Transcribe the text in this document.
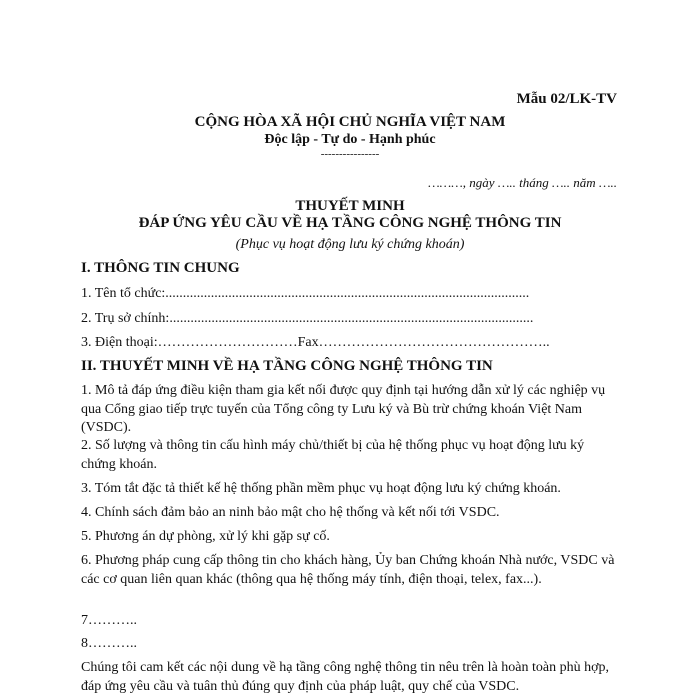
Mẫu 02/LK-TV
CỘNG HÒA XÃ HỘI CHỦ NGHĨA VIỆT NAM
Độc lập - Tự do - Hạnh phúc
----------------
………, ngày ….. tháng ….. năm …..
THUYẾT MINH
ĐÁP ỨNG YÊU CẦU VỀ HẠ TẦNG CÔNG NGHỆ THÔNG TIN
(Phục vụ hoạt động lưu ký chứng khoán)
I. THÔNG TIN CHUNG
1. Tên tổ chức:........................................................................................................
2. Trụ sở chính:........................................................................................................
3. Điện thoại:…………………………Fax…………………………………………..
II. THUYẾT MINH VỀ HẠ TẦNG CÔNG NGHỆ THÔNG TIN
1. Mô tả đáp ứng điều kiện tham gia kết nối được quy định tại hướng dẫn xử lý các nghiệp vụ qua Cổng giao tiếp trực tuyến của Tổng công ty Lưu ký và Bù trừ chứng khoán Việt Nam (VSDC).
2. Số lượng và thông tin cấu hình máy chủ/thiết bị của hệ thống phục vụ hoạt động lưu ký chứng khoán.
3. Tóm tắt đặc tả thiết kế hệ thống phần mềm phục vụ hoạt động lưu ký chứng khoán.
4. Chính sách đảm bảo an ninh bảo mật cho hệ thống và kết nối tới VSDC.
5. Phương án dự phòng, xử lý khi gặp sự cố.
6. Phương pháp cung cấp thông tin cho khách hàng, Ủy ban Chứng khoán Nhà nước, VSDC và các cơ quan liên quan khác (thông qua hệ thống máy tính, điện thoại, telex, fax...).
7………..
8………..
Chúng tôi cam kết các nội dung về hạ tầng công nghệ thông tin nêu trên là hoàn toàn phù hợp, đáp ứng yêu cầu và tuân thủ đúng quy định của pháp luật, quy chế của VSDC.
